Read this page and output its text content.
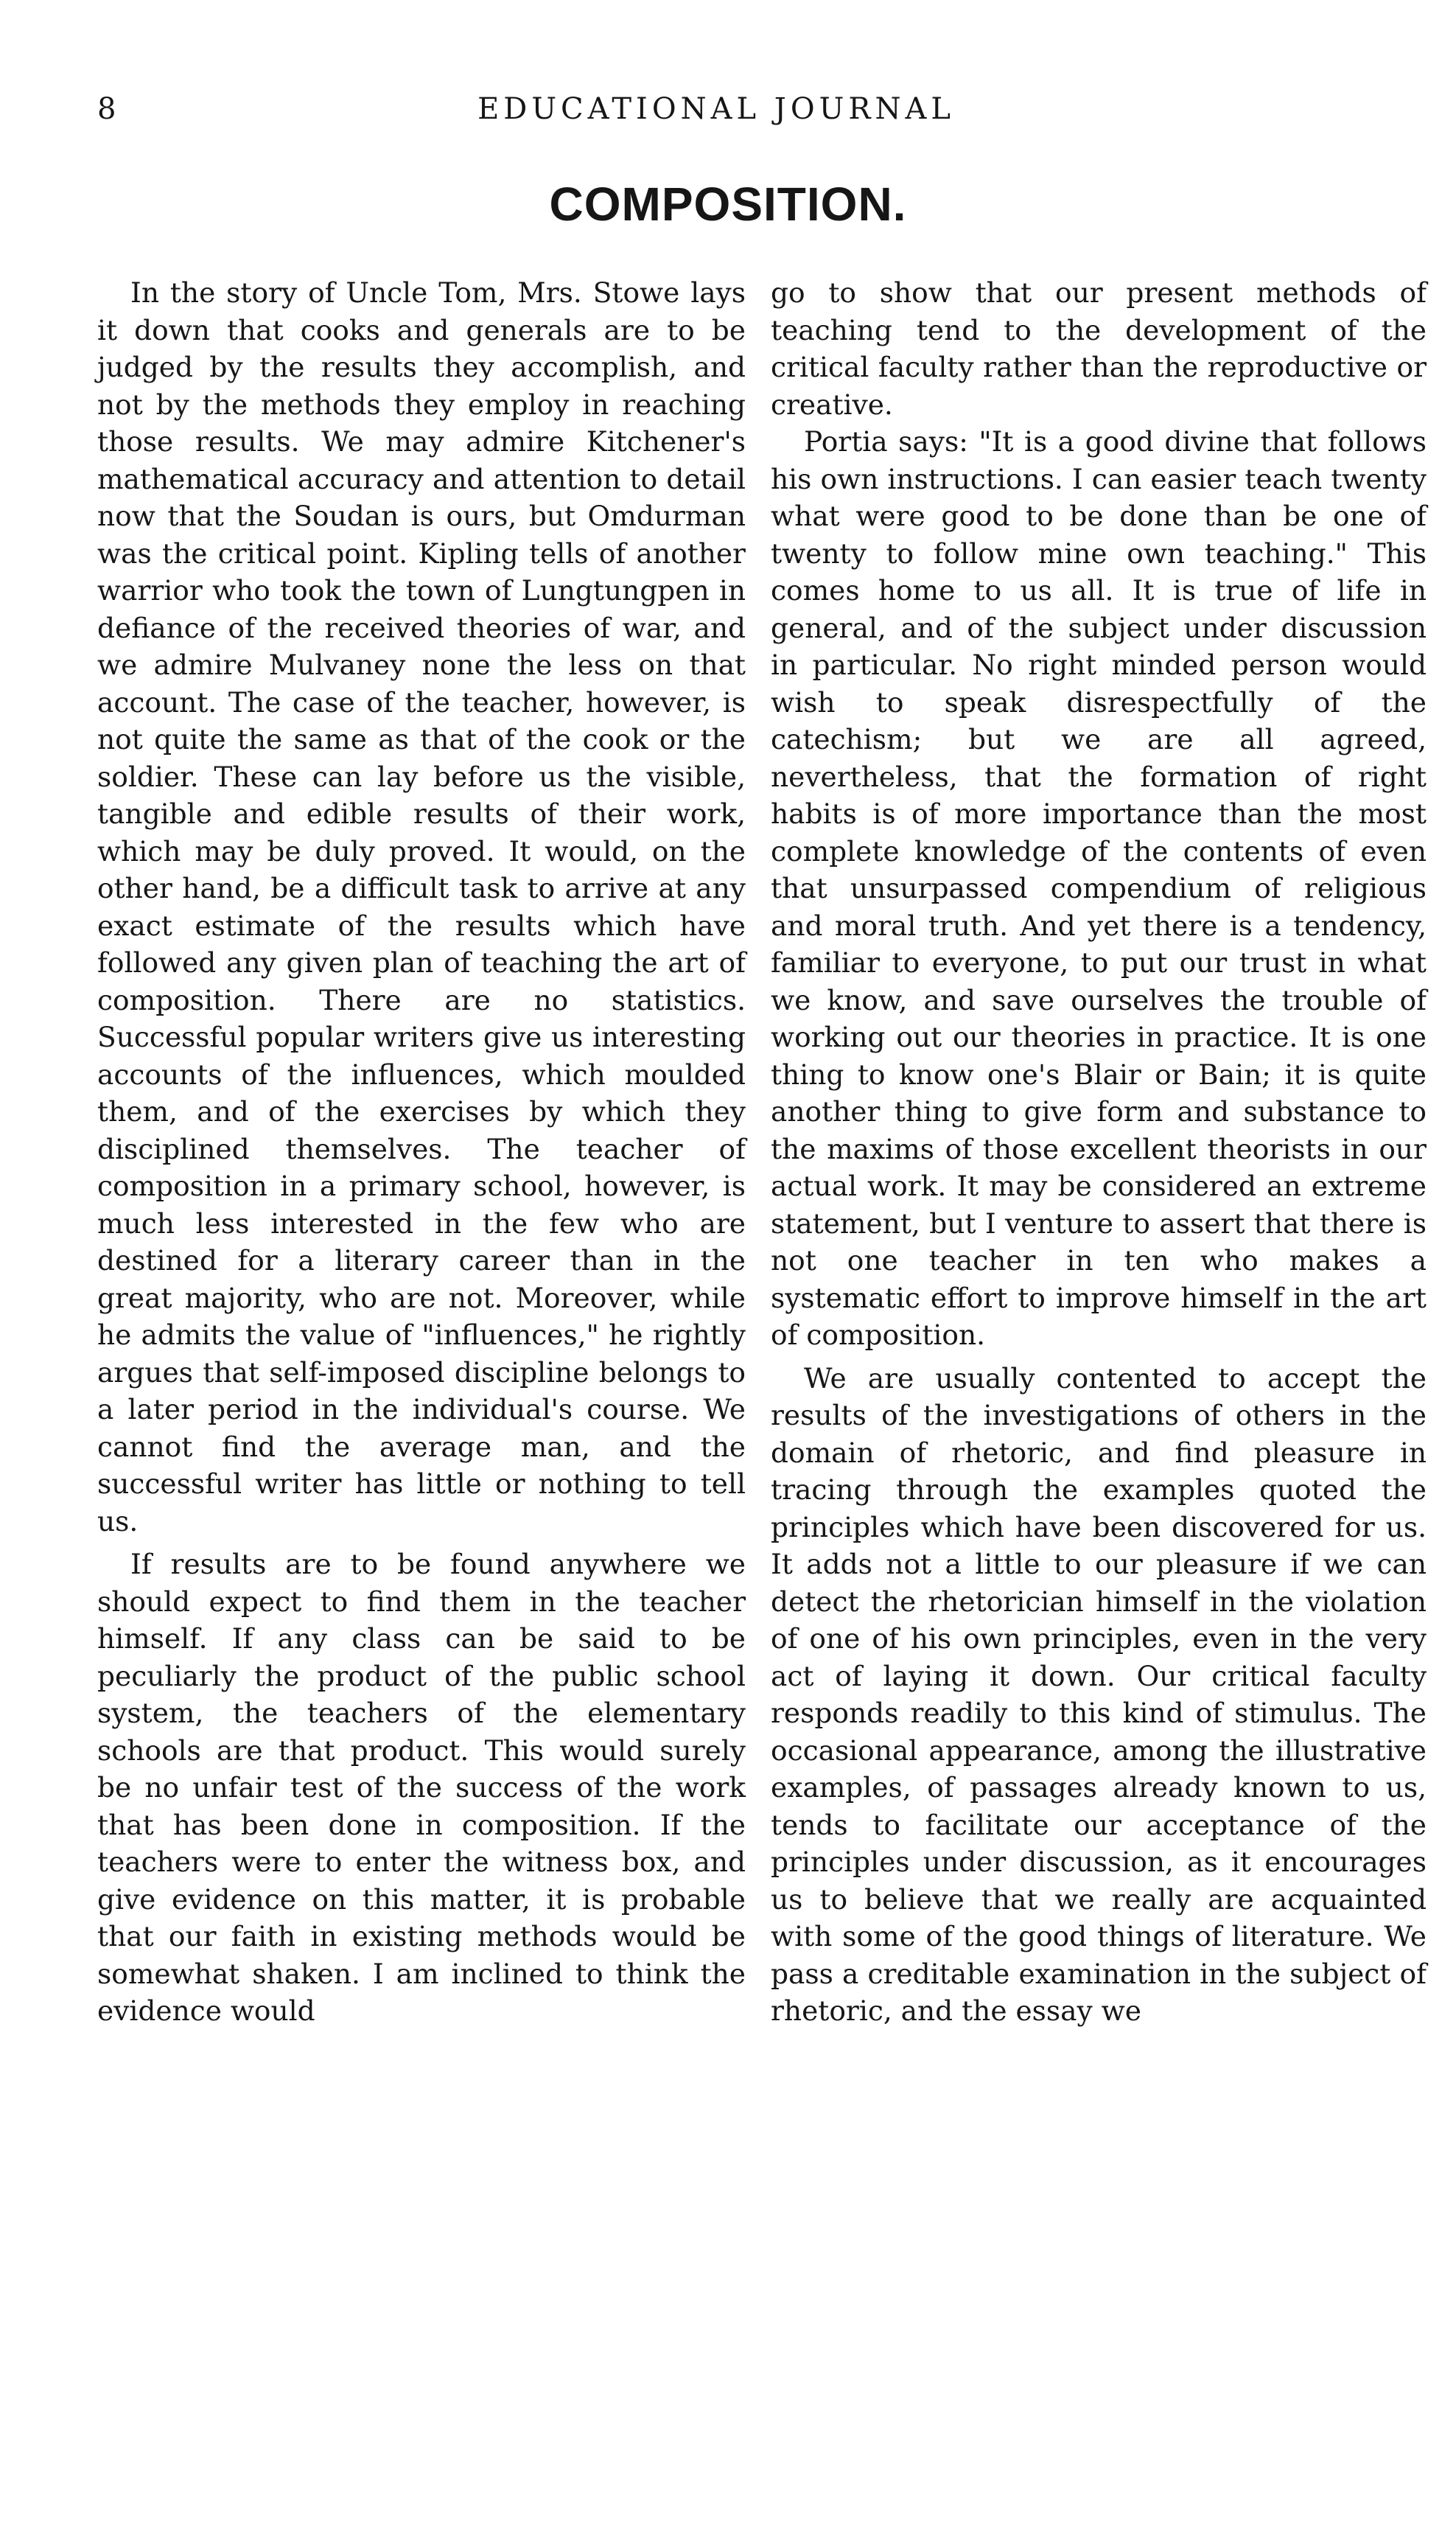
8	EDUCATIONAL JOURNAL
COMPOSITION.

In the story of Uncle Tom, Mrs. Stowe lays it down that cooks and generals are to be judged by the results they accomplish, and not by the methods they employ in reaching those results. We may admire Kitchener's mathematical accuracy and attention to detail now that the Soudan is ours, but Omdurman was the critical point. Kipling tells of another warrior who took the town of Lungtungpen in defiance of the received theories of war, and we admire Mulvaney none the less on that account. The case of the teacher, however, is not quite the same as that of the cook or the soldier. These can lay before us the visible, tangible and edible results of their work, which may be duly proved. It would, on the other hand, be a difficult task to arrive at any exact estimate of the results which have followed any given plan of teaching the art of composition. There are no statistics. Successful popular writers give us interesting accounts of the influences, which moulded them, and of the exercises by which they disciplined themselves. The teacher of composition in a primary school, however, is much less interested in the few who are destined for a literary career than in the great majority, who are not. Moreover, while he admits the value of "influences," he rightly argues that self-imposed discipline belongs to a later period in the individual's course. We cannot find the average man, and the successful writer has little or nothing to tell us.

If results are to be found anywhere we should expect to find them in the teacher himself. If any class can be said to be peculiarly the product of the public school system, the teachers of the elementary schools are that product. This would surely be no unfair test of the success of the work that has been done in composition. If the teachers were to enter the witness box, and give evidence on this matter, it is probable that our faith in existing methods would be somewhat shaken. I am inclined to think the evidence would

go to show that our present methods of teaching tend to the development of the critical faculty rather than the reproductive or creative.

Portia says: "It is a good divine that follows his own instructions. I can easier teach twenty what were good to be done than be one of twenty to follow mine own teaching." This comes home to us all. It is true of life in general, and of the subject under discussion in particular. No right minded person would wish to speak disrespectfully of the catechism; but we are all agreed, nevertheless, that the formation of right habits is of more importance than the most complete knowledge of the contents of even that unsurpassed compendium of religious and moral truth. And yet there is a tendency, familiar to everyone, to put our trust in what we know, and save ourselves the trouble of working out our theories in practice. It is one thing to know one's Blair or Bain; it is quite another thing to give form and substance to the maxims of those excellent theorists in our actual work. It may be considered an extreme statement, but I venture to assert that there is not one teacher in ten who makes a systematic effort to improve himself in the art of composition.

We are usually contented to accept the results of the investigations of others in the domain of rhetoric, and find pleasure in tracing through the examples quoted the principles which have been discovered for us. It adds not a little to our pleasure if we can detect the rhetorician himself in the violation of one of his own principles, even in the very act of laying it down. Our critical faculty responds readily to this kind of stimulus. The occasional appearance, among the illustrative examples, of passages already known to us, tends to facilitate our acceptance of the principles under discussion, as it encourages us to believe that we really are acquainted with some of the good things of literature. We pass a creditable examination in the subject of rhetoric, and the essay we
